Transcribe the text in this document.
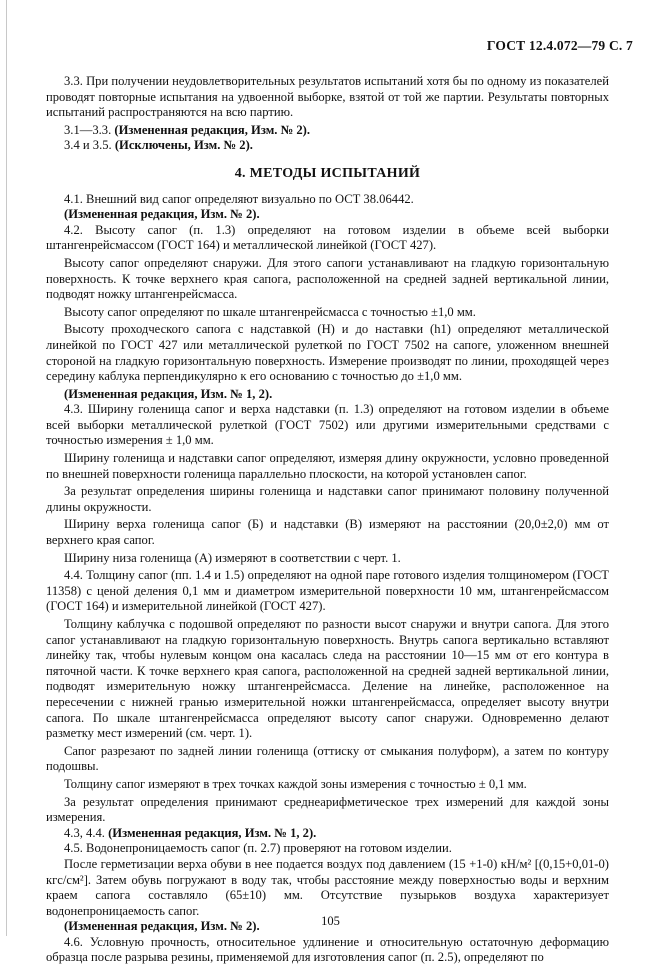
ГОСТ 12.4.072—79 С. 7

3.3. При получении неудовлетворительных результатов испытаний хотя бы по одному из показателей проводят повторные испытания на удвоенной выборке, взятой от той же партии. Результаты повторных испытаний распространяются на всю партию.

3.1—3.3. (Измененная редакция, Изм. № 2).

3.4 и 3.5. (Исключены, Изм. № 2).

4. МЕТОДЫ ИСПЫТАНИЙ

4.1. Внешний вид сапог определяют визуально по ОСТ 38.06442.

(Измененная редакция, Изм. № 2).

4.2. Высоту сапог (п. 1.3) определяют на готовом изделии в объеме всей выборки штангенрейсмассом (ГОСТ 164) и металлической линейкой (ГОСТ 427).

Высоту сапог определяют снаружи. Для этого сапоги устанавливают на гладкую горизонтальную поверхность. К точке верхнего края сапога, расположенной на средней задней вертикальной линии, подводят ножку штангенрейсмасса.

Высоту сапог определяют по шкале штангенрейсмасса с точностью ±1,0 мм.

Высоту проходческого сапога с надставкой (H) и до наставки (h1) определяют металлической линейкой по ГОСТ 427 или металлической рулеткой по ГОСТ 7502 на сапоге, уложенном внешней стороной на гладкую горизонтальную поверхность. Измерение производят по линии, проходящей через середину каблука перпендикулярно к его основанию с точностью до ±1,0 мм.

(Измененная редакция, Изм. № 1, 2).

4.3. Ширину голенища сапог и верха надставки (п. 1.3) определяют на готовом изделии в объеме всей выборки металлической рулеткой (ГОСТ 7502) или другими измерительными средствами с точностью измерения ± 1,0 мм.

Ширину голенища и надставки сапог определяют, измеряя длину окружности, условно проведенной по внешней поверхности голенища параллельно плоскости, на которой установлен сапог.

За результат определения ширины голенища и надставки сапог принимают половину полученной длины окружности.

Ширину верха голенища сапог (Б) и надставки (В) измеряют на расстоянии (20,0±2,0) мм от верхнего края сапог.

Ширину низа голенища (А) измеряют в соответствии с черт. 1.

4.4. Толщину сапог (пп. 1.4 и 1.5) определяют на одной паре готового изделия толщиномером (ГОСТ 11358) с ценой деления 0,1 мм и диаметром измерительной поверхности 10 мм, штангенрейсмассом (ГОСТ 164) и измерительной линейкой (ГОСТ 427).

Толщину каблучка с подошвой определяют по разности высот снаружи и внутри сапога. Для этого сапог устанавливают на гладкую горизонтальную поверхность. Внутрь сапога вертикально вставляют линейку так, чтобы нулевым концом она касалась следа на расстоянии 10—15 мм от его контура в пяточной части. К точке верхнего края сапога, расположенной на средней задней вертикальной линии, подводят измерительную ножку штангенрейсмасса. Деление на линейке, расположенное на пересечении с нижней гранью измерительной ножки штангенрейсмасса, определяет высоту внутри сапога. По шкале штангенрейсмасса определяют высоту сапог снаружи. Одновременно делают разметку мест измерений (см. черт. 1).

Сапог разрезают по задней линии голенища (оттиску от смыкания полуформ), а затем по контуру подошвы.

Толщину сапог измеряют в трех точках каждой зоны измерения с точностью ± 0,1 мм.

За результат определения принимают среднеарифметическое трех измерений для каждой зоны измерения.

4.3, 4.4. (Измененная редакция, Изм. № 1, 2).

4.5. Водонепроницаемость сапог (п. 2.7) проверяют на готовом изделии.

После герметизации верха обуви в нее подается воздух под давлением (15 +1-0) кН/м² [(0,15+0,01-0) кгс/см²]. Затем обувь погружают в воду так, чтобы расстояние между поверхностью воды и верхним краем сапога составляло (65±10) мм. Отсутствие пузырьков воздуха характеризует водонепроницаемость сапог.

(Измененная редакция, Изм. № 2).

4.6. Условную прочность, относительное удлинение и относительную остаточную деформацию образца после разрыва резины, применяемой для изготовления сапог (п. 2.5), определяют по

105
